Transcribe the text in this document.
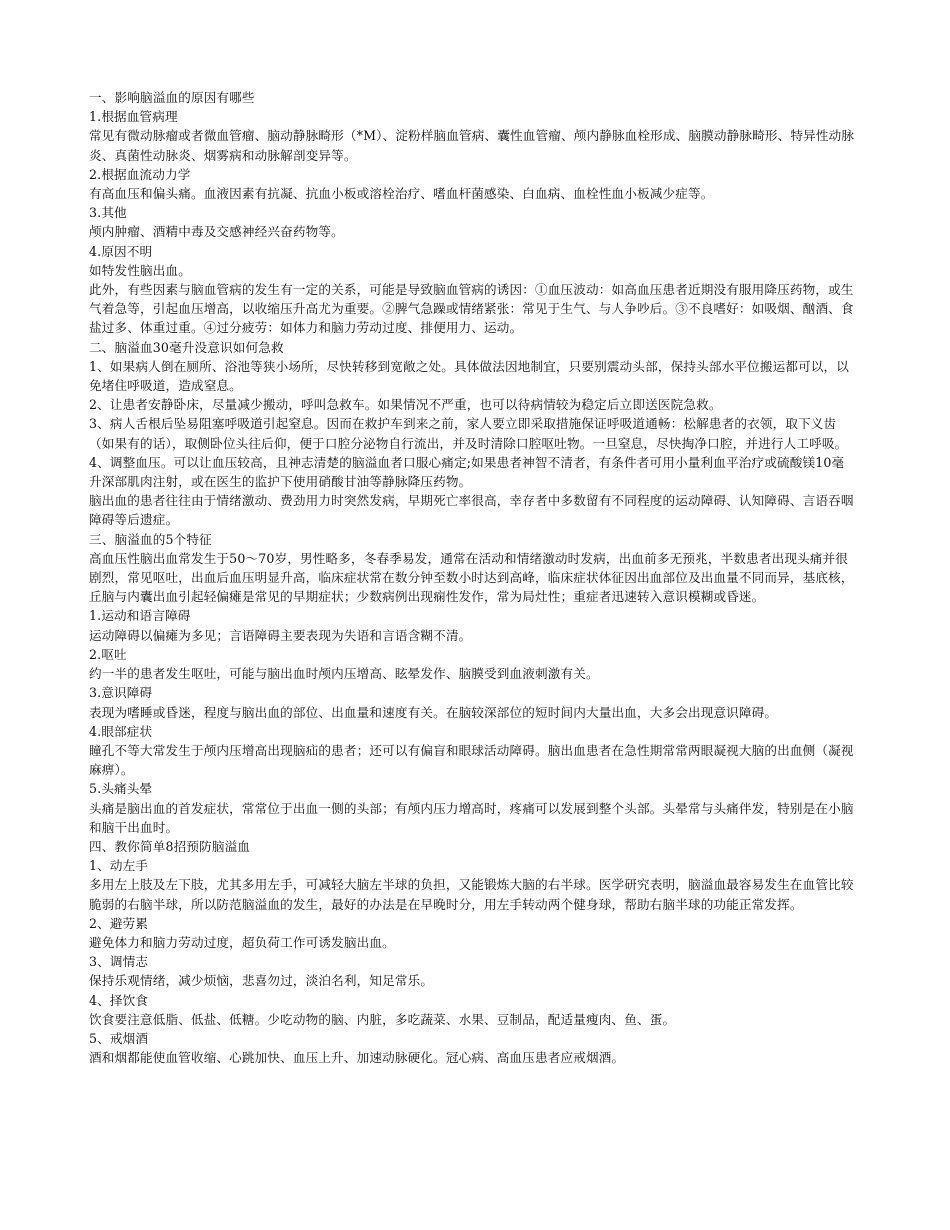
一、影响脑溢血的原因有哪些

1.根据血管病理

常见有微动脉瘤或者微血管瘤、脑动静脉畸形（*M）、淀粉样脑血管病、囊性血管瘤、颅内静脉血栓形成、脑膜动静脉畸形、特异性动脉炎、真菌性动脉炎、烟雾病和动脉解剖变异等。

2.根据血流动力学

有高血压和偏头痛。血液因素有抗凝、抗血小板或溶栓治疗、嗜血杆菌感染、白血病、血栓性血小板减少症等。

3.其他

颅内肿瘤、酒精中毒及交感神经兴奋药物等。

4.原因不明

如特发性脑出血。

此外，有些因素与脑血管病的发生有一定的关系，可能是导致脑血管病的诱因：①血压波动：如高血压患者近期没有服用降压药物，或生气着急等，引起血压增高，以收缩压升高尤为重要。②脾气急躁或情绪紧张：常见于生气、与人争吵后。③不良嗜好：如吸烟、酗酒、食盐过多、体重过重。④过分疲劳：如体力和脑力劳动过度、排便用力、运动。

二、脑溢血30毫升没意识如何急救

1、如果病人倒在厕所、浴池等狭小场所，尽快转移到宽敞之处。具体做法因地制宜，只要别震动头部，保持头部水平位搬运都可以，以免堵住呼吸道，造成窒息。

2、让患者安静卧床，尽量减少搬动，呼叫急救车。如果情况不严重，也可以待病情较为稳定后立即送医院急救。

3、病人舌根后坠易阻塞呼吸道引起窒息。因而在救护车到来之前，家人要立即采取措施保证呼吸道通畅：松解患者的衣领，取下义齿（如果有的话），取侧卧位头往后仰，便于口腔分泌物自行流出，并及时清除口腔呕吐物。一旦窒息，尽快掏净口腔，并进行人工呼吸。

4、调整血压。可以让血压较高，且神志清楚的脑溢血者口服心痛定;如果患者神智不清者，有条件者可用小量利血平治疗或硫酸镁10毫升深部肌肉注射，或在医生的监护下使用硝酸甘油等静脉降压药物。

脑出血的患者往往由于情绪激动、费劲用力时突然发病，早期死亡率很高，幸存者中多数留有不同程度的运动障碍、认知障碍、言语吞咽障碍等后遗症。

三、脑溢血的5个特征

高血压性脑出血常发生于50～70岁，男性略多，冬春季易发，通常在活动和情绪激动时发病，出血前多无预兆，半数患者出现头痛并很剧烈，常见呕吐，出血后血压明显升高，临床症状常在数分钟至数小时达到高峰，临床症状体征因出血部位及出血量不同而异，基底核，丘脑与内囊出血引起轻偏瘫是常见的早期症状；少数病例出现痫性发作，常为局灶性；重症者迅速转入意识模糊或昏迷。

1.运动和语言障碍

运动障碍以偏瘫为多见；言语障碍主要表现为失语和言语含糊不清。

2.呕吐

约一半的患者发生呕吐，可能与脑出血时颅内压增高、眩晕发作、脑膜受到血液刺激有关。

3.意识障碍

表现为嗜睡或昏迷，程度与脑出血的部位、出血量和速度有关。在脑较深部位的短时间内大量出血，大多会出现意识障碍。

4.眼部症状

瞳孔不等大常发生于颅内压增高出现脑疝的患者；还可以有偏盲和眼球活动障碍。脑出血患者在急性期常常两眼凝视大脑的出血侧（凝视麻痹）。

5.头痛头晕

头痛是脑出血的首发症状，常常位于出血一侧的头部；有颅内压力增高时，疼痛可以发展到整个头部。头晕常与头痛伴发，特别是在小脑和脑干出血时。

四、教你简单8招预防脑溢血

1、动左手

多用左上肢及左下肢，尤其多用左手，可减轻大脑左半球的负担，又能锻炼大脑的右半球。医学研究表明，脑溢血最容易发生在血管比较脆弱的右脑半球，所以防范脑溢血的发生，最好的办法是在早晚时分，用左手转动两个健身球，帮助右脑半球的功能正常发挥。

2、避劳累

避免体力和脑力劳动过度，超负荷工作可诱发脑出血。

3、调情志

保持乐观情绪，减少烦恼，悲喜勿过，淡泊名利，知足常乐。

4、择饮食

饮食要注意低脂、低盐、低糖。少吃动物的脑、内脏，多吃蔬菜、水果、豆制品，配适量瘦肉、鱼、蛋。

5、戒烟酒

酒和烟都能使血管收缩、心跳加快、血压上升、加速动脉硬化。冠心病、高血压患者应戒烟酒。
